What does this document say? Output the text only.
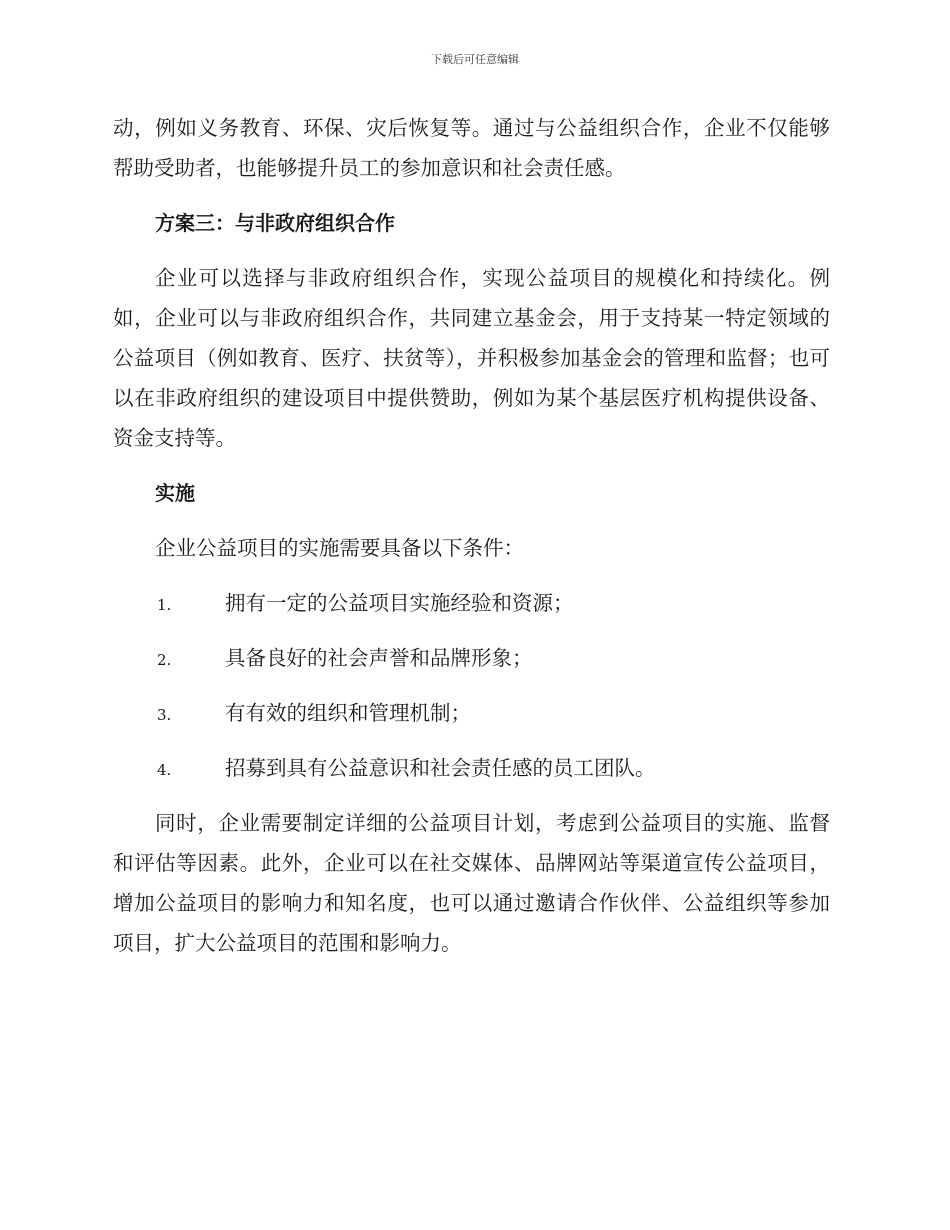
下载后可任意编辑

动，例如义务教育、环保、灾后恢复等。通过与公益组织合作，企业不仅能够帮助受助者，也能够提升员工的参加意识和社会责任感。

方案三：与非政府组织合作

企业可以选择与非政府组织合作，实现公益项目的规模化和持续化。例如，企业可以与非政府组织合作，共同建立基金会，用于支持某一特定领域的公益项目（例如教育、医疗、扶贫等），并积极参加基金会的管理和监督；也可以在非政府组织的建设项目中提供赞助，例如为某个基层医疗机构提供设备、资金支持等。

实施

企业公益项目的实施需要具备以下条件：

1.	拥有一定的公益项目实施经验和资源；
2.	具备良好的社会声誉和品牌形象；
3.	有有效的组织和管理机制；
4.	招募到具有公益意识和社会责任感的员工团队。

同时，企业需要制定详细的公益项目计划，考虑到公益项目的实施、监督和评估等因素。此外，企业可以在社交媒体、品牌网站等渠道宣传公益项目，增加公益项目的影响力和知名度，也可以通过邀请合作伙伴、公益组织等参加项目，扩大公益项目的范围和影响力。
